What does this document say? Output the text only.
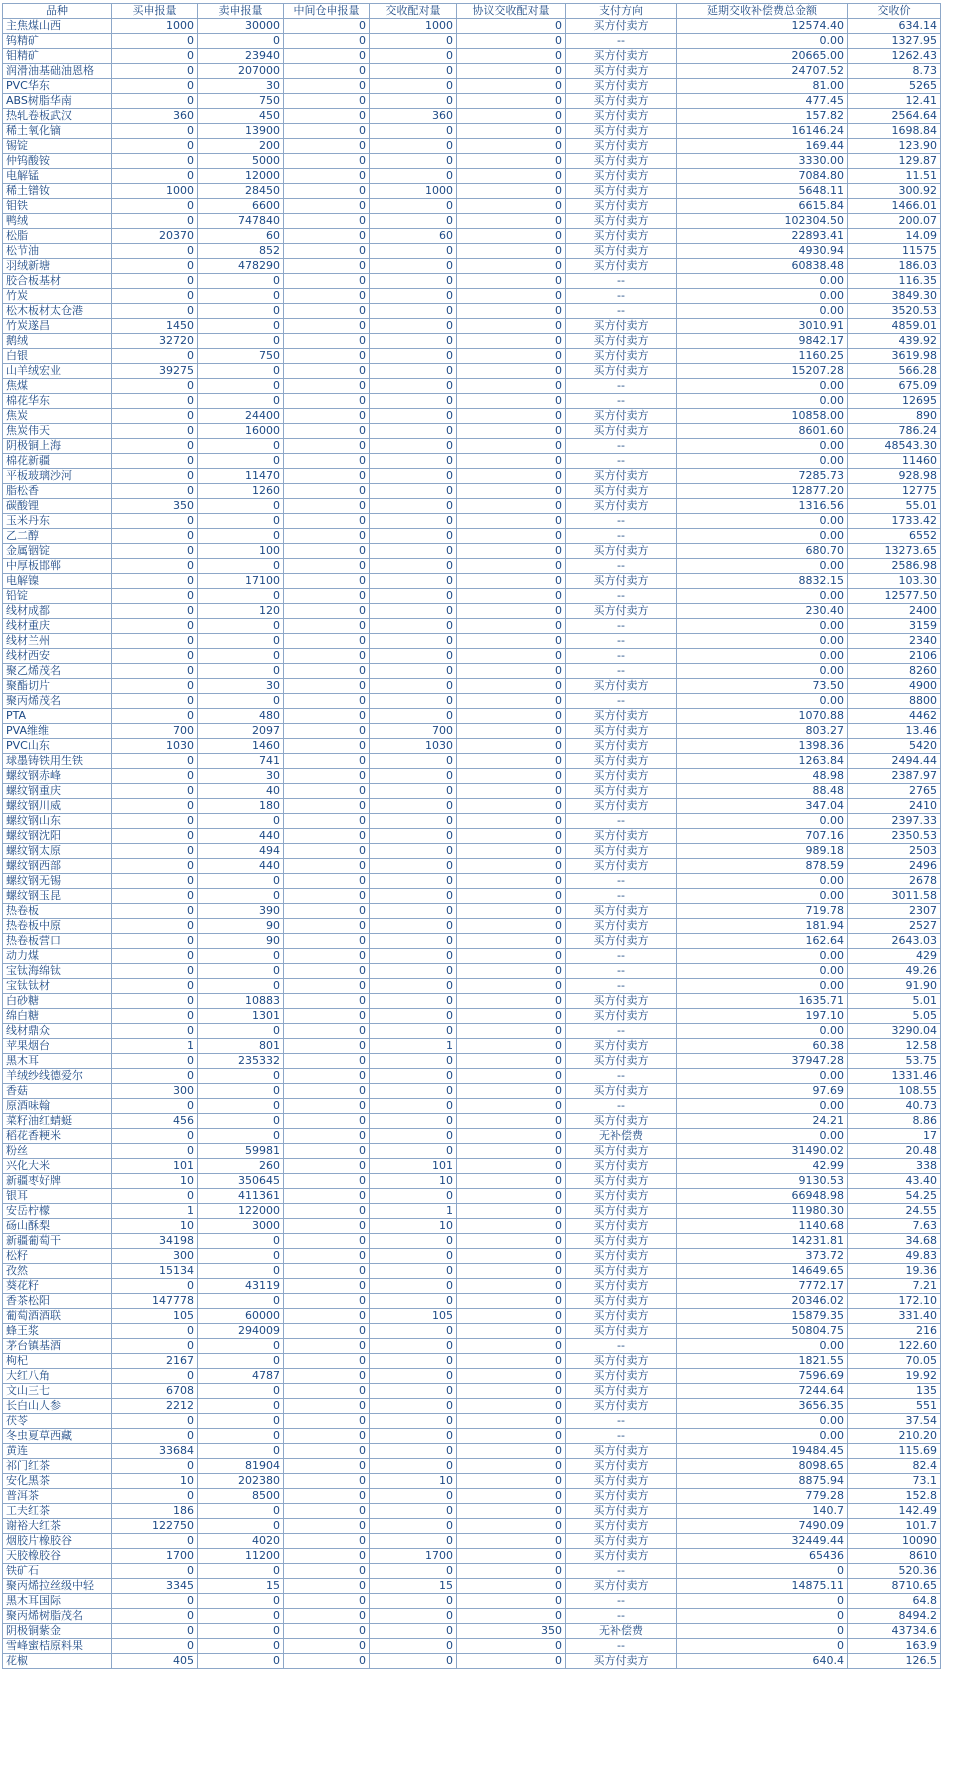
品种	买申报量	卖申报量	中间仓申报量	交收配对量	协议交收配对量	支付方向	延期交收补偿费总金额	交收价
主焦煤山西	1000	30000	0	1000	0	买方付卖方	12574.40	634.14
钨精矿	0	0	0	0	0	--	0.00	1327.95
钼精矿	0	23940	0	0	0	买方付卖方	20665.00	1262.43
润滑油基础油恩格	0	207000	0	0	0	买方付卖方	24707.52	8.73
PVC华东	0	30	0	0	0	买方付卖方	81.00	5265
ABS树脂华南	0	750	0	0	0	买方付卖方	477.45	12.41
热轧卷板武汉	360	450	0	360	0	买方付卖方	157.82	2564.64
稀土氧化镝	0	13900	0	0	0	买方付卖方	16146.24	1698.84
锡锭	0	200	0	0	0	买方付卖方	169.44	123.90
仲钨酸铵	0	5000	0	0	0	买方付卖方	3330.00	129.87
电解锰	0	12000	0	0	0	买方付卖方	7084.80	11.51
稀土镨钕	1000	28450	0	1000	0	买方付卖方	5648.11	300.92
钼铁	0	6600	0	0	0	买方付卖方	6615.84	1466.01
鸭绒	0	747840	0	0	0	买方付卖方	102304.50	200.07
松脂	20370	60	0	60	0	买方付卖方	22893.41	14.09
松节油	0	852	0	0	0	买方付卖方	4930.94	11575
羽绒新塘	0	478290	0	0	0	买方付卖方	60838.48	186.03
胶合板基材	0	0	0	0	0	--	0.00	116.35
竹炭	0	0	0	0	0	--	0.00	3849.30
松木板材太仓港	0	0	0	0	0	--	0.00	3520.53
竹炭遂昌	1450	0	0	0	0	买方付卖方	3010.91	4859.01
鹅绒	32720	0	0	0	0	买方付卖方	9842.17	439.92
白银	0	750	0	0	0	买方付卖方	1160.25	3619.98
山羊绒宏业	39275	0	0	0	0	买方付卖方	15207.28	566.28
焦煤	0	0	0	0	0	--	0.00	675.09
棉花华东	0	0	0	0	0	--	0.00	12695
焦炭	0	24400	0	0	0	买方付卖方	10858.00	890
焦炭伟天	0	16000	0	0	0	买方付卖方	8601.60	786.24
阴极铜上海	0	0	0	0	0	--	0.00	48543.30
棉花新疆	0	0	0	0	0	--	0.00	11460
平板玻璃沙河	0	11470	0	0	0	买方付卖方	7285.73	928.98
脂松香	0	1260	0	0	0	买方付卖方	12877.20	12775
碳酸锂	350	0	0	0	0	买方付卖方	1316.56	55.01
玉米丹东	0	0	0	0	0	--	0.00	1733.42
乙二醇	0	0	0	0	0	--	0.00	6552
金属铟锭	0	100	0	0	0	买方付卖方	680.70	13273.65
中厚板邯郸	0	0	0	0	0	--	0.00	2586.98
电解镍	0	17100	0	0	0	买方付卖方	8832.15	103.30
铅锭	0	0	0	0	0	--	0.00	12577.50
线材成都	0	120	0	0	0	买方付卖方	230.40	2400
线材重庆	0	0	0	0	0	--	0.00	3159
线材兰州	0	0	0	0	0	--	0.00	2340
线材西安	0	0	0	0	0	--	0.00	2106
聚乙烯茂名	0	0	0	0	0	--	0.00	8260
聚酯切片	0	30	0	0	0	买方付卖方	73.50	4900
聚丙烯茂名	0	0	0	0	0	--	0.00	8800
PTA	0	480	0	0	0	买方付卖方	1070.88	4462
PVA维维	700	2097	0	700	0	买方付卖方	803.27	13.46
PVC山东	1030	1460	0	1030	0	买方付卖方	1398.36	5420
球墨铸铁用生铁	0	741	0	0	0	买方付卖方	1263.84	2494.44
螺纹钢赤峰	0	30	0	0	0	买方付卖方	48.98	2387.97
螺纹钢重庆	0	40	0	0	0	买方付卖方	88.48	2765
螺纹钢川威	0	180	0	0	0	买方付卖方	347.04	2410
螺纹钢山东	0	0	0	0	0	--	0.00	2397.33
螺纹钢沈阳	0	440	0	0	0	买方付卖方	707.16	2350.53
螺纹钢太原	0	494	0	0	0	买方付卖方	989.18	2503
螺纹钢西部	0	440	0	0	0	买方付卖方	878.59	2496
螺纹钢无锡	0	0	0	0	0	--	0.00	2678
螺纹钢玉昆	0	0	0	0	0	--	0.00	3011.58
热卷板	0	390	0	0	0	买方付卖方	719.78	2307
热卷板中原	0	90	0	0	0	买方付卖方	181.94	2527
热卷板营口	0	90	0	0	0	买方付卖方	162.64	2643.03
动力煤	0	0	0	0	0	--	0.00	429
宝钛海绵钛	0	0	0	0	0	--	0.00	49.26
宝钛钛材	0	0	0	0	0	--	0.00	91.90
白砂糖	0	10883	0	0	0	买方付卖方	1635.71	5.01
绵白糖	0	1301	0	0	0	买方付卖方	197.10	5.05
线材鼎众	0	0	0	0	0	--	0.00	3290.04
苹果烟台	1	801	0	1	0	买方付卖方	60.38	12.58
黑木耳	0	235332	0	0	0	买方付卖方	37947.28	53.75
羊绒纱线德爱尔	0	0	0	0	0	--	0.00	1331.46
香菇	300	0	0	0	0	买方付卖方	97.69	108.55
原酒味翰	0	0	0	0	0	--	0.00	40.73
菜籽油红蜻蜓	456	0	0	0	0	买方付卖方	24.21	8.86
稻花香粳米	0	0	0	0	0	无补偿费	0.00	17
粉丝	0	59981	0	0	0	买方付卖方	31490.02	20.48
兴化大米	101	260	0	101	0	买方付卖方	42.99	338
新疆枣好牌	10	350645	0	10	0	买方付卖方	9130.53	43.40
银耳	0	411361	0	0	0	买方付卖方	66948.98	54.25
安岳柠檬	1	122000	0	1	0	买方付卖方	11980.30	24.55
砀山酥梨	10	3000	0	10	0	买方付卖方	1140.68	7.63
新疆葡萄干	34198	0	0	0	0	买方付卖方	14231.81	34.68
松籽	300	0	0	0	0	买方付卖方	373.72	49.83
孜然	15134	0	0	0	0	买方付卖方	14649.65	19.36
葵花籽	0	43119	0	0	0	买方付卖方	7772.17	7.21
香茶松阳	147778	0	0	0	0	买方付卖方	20346.02	172.10
葡萄酒酒联	105	60000	0	105	0	买方付卖方	15879.35	331.40
蜂王浆	0	294009	0	0	0	买方付卖方	50804.75	216
茅台镇基酒	0	0	0	0	0	--	0.00	122.60
枸杞	2167	0	0	0	0	买方付卖方	1821.55	70.05
大红八角	0	4787	0	0	0	买方付卖方	7596.69	19.92
文山三七	6708	0	0	0	0	买方付卖方	7244.64	135
长白山人参	2212	0	0	0	0	买方付卖方	3656.35	551
茯苓	0	0	0	0	0	--	0.00	37.54
冬虫夏草西藏	0	0	0	0	0	--	0.00	210.20
黄连	33684	0	0	0	0	买方付卖方	19484.45	115.69
祁门红茶	0	81904	0	0	0	买方付卖方	8098.65	82.4
安化黑茶	10	202380	0	10	0	买方付卖方	8875.94	73.1
普洱茶	0	8500	0	0	0	买方付卖方	779.28	152.8
工夫红茶	186	0	0	0	0	买方付卖方	140.7	142.49
谢裕大红茶	122750	0	0	0	0	买方付卖方	7490.09	101.7
烟胶片橡胶谷	0	4020	0	0	0	买方付卖方	32449.44	10090
天胶橡胶谷	1700	11200	0	1700	0	买方付卖方	65436	8610
铁矿石	0	0	0	0	0	--	0	520.36
聚丙烯拉丝级中轻	3345	15	0	15	0	买方付卖方	14875.11	8710.65
黑木耳国际	0	0	0	0	0	--	0	64.8
聚丙烯树脂茂名	0	0	0	0	0	--	0	8494.2
阴极铜紫金	0	0	0	0	350	无补偿费	0	43734.6
雪峰蜜桔原料果	0	0	0	0	0	--	0	163.9
花椒	405	0	0	0	0	买方付卖方	640.4	126.5
